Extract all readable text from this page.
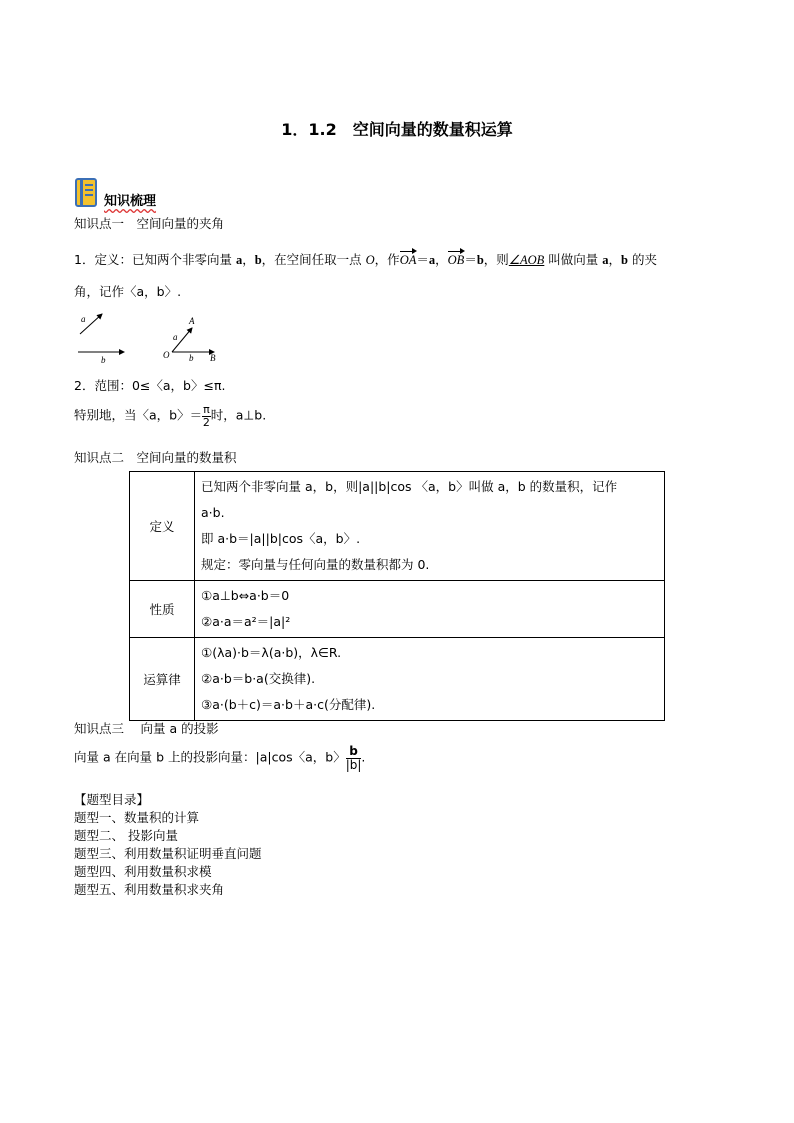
1．1.2　空间向量的数量积运算
知识梳理
知识点一　空间向量的夹角
1．定义：已知两个非零向量 a，b，在空间任取一点 O，作OA＝a，OB＝b，则∠AOB 叫做向量 a，b 的夹
角，记作〈a，b〉.
a
b
A
a
O b B
2．范围：0≤〈a，b〉≤π.
特别地，当〈a，b〉＝ $\frac{\pi}{2}$ 时，a⊥b.
知识点二　空间向量的数量积
定义	已知两个非零向量 a，b，则|a||b|cos 〈a，b〉叫做 a，b 的数量积，记作
a·b.
即 a·b＝|a||b|cos〈a，b〉.
规定：零向量与任何向量的数量积都为 0.

性质	①a⊥b⇔a·b＝0
②a·a＝a²＝|a|²

运算律	①(λa)·b＝λ(a·b)，λ∈R.
②a·b＝b·a(交换律).
③a·(b＋c)＝a·b＋a·c(分配律).
知识点三　 向量 a 的投影
向量 a 在向量 b 上的投影向量：|a|cos〈a，b〉 $\frac{b}{|b|}$ .
【题型目录】
题型一、数量积的计算
题型二、 投影向量
题型三、利用数量积证明垂直问题
题型四、利用数量积求模
题型五、利用数量积求夹角
